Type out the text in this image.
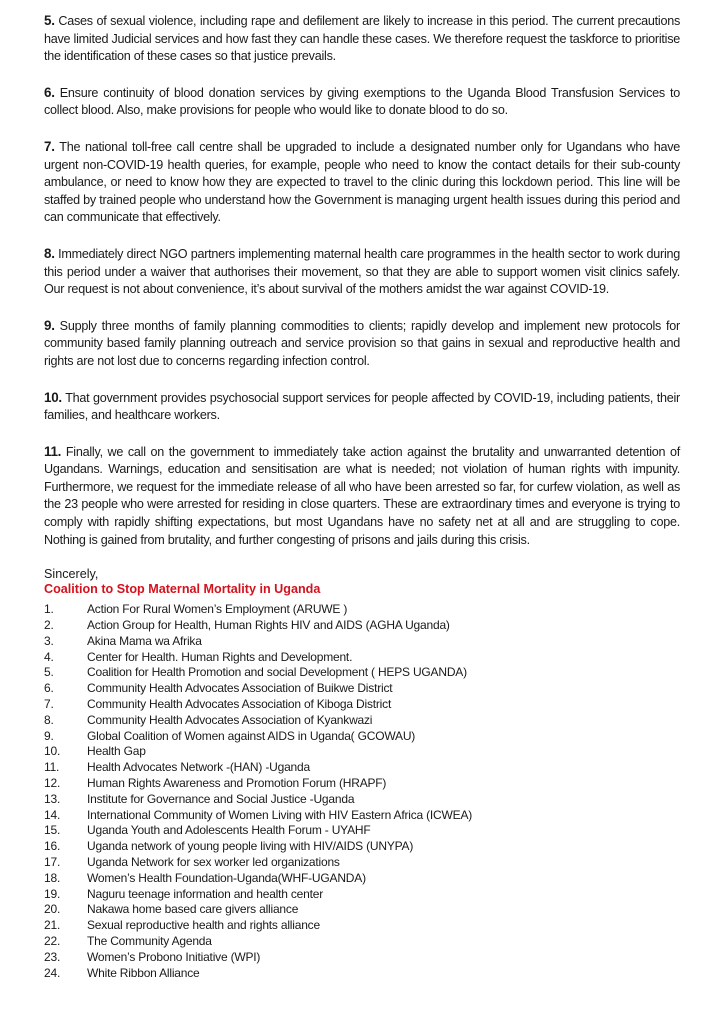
5. Cases of sexual violence, including rape and defilement are likely to increase in this period. The current precautions have limited Judicial services and how fast they can handle these cases. We therefore request the taskforce to prioritise the identification of these cases so that justice prevails.

6. Ensure continuity of blood donation services by giving exemptions to the Uganda Blood Transfusion Services to collect blood. Also, make provisions for people who would like to donate blood to do so.

7. The national toll-free call centre shall be upgraded to include a designated number only for Ugandans who have urgent non-COVID-19 health queries, for example, people who need to know the contact details for their sub-county ambulance, or need to know how they are expected to travel to the clinic during this lockdown period. This line will be staffed by trained people who understand how the Government is managing urgent health issues during this period and can communicate that effectively.

8. Immediately direct NGO partners implementing maternal health care programmes in the health sector to work during this period under a waiver that authorises their movement, so that they are able to support women visit clinics safely. Our request is not about convenience, it’s about survival of the mothers amidst the war against COVID-19.

9. Supply three months of family planning commodities to clients; rapidly develop and implement new protocols for community based family planning outreach and service provision so that gains in sexual and reproductive health and rights are not lost due to concerns regarding infection control.

10. That government provides psychosocial support services for people affected by COVID-19, including patients, their families, and healthcare workers.

11. Finally, we call on the government to immediately take action against the brutality and unwarranted detention of Ugandans. Warnings, education and sensitisation are what is needed; not violation of human rights with impunity. Furthermore, we request for the immediate release of all who have been arrested so far, for curfew violation, as well as the 23 people who were arrested for residing in close quarters. These are extraordinary times and everyone is trying to comply with rapidly shifting expectations, but most Ugandans have no safety net at all and are struggling to cope. Nothing is gained from brutality, and further congesting of prisons and jails during this crisis.

Sincerely,
Coalition to Stop Maternal Mortality in Uganda
1.	Action For Rural Women’s Employment (ARUWE )
2.	Action Group for Health, Human Rights HIV and AIDS (AGHA Uganda)
3.	Akina Mama wa Afrika
4.	Center for Health. Human Rights and Development.
5.	Coalition for Health Promotion and social Development ( HEPS UGANDA)
6.	Community Health Advocates Association of Buikwe District
7.	Community Health Advocates Association of Kiboga District
8.	Community Health Advocates Association of Kyankwazi
9.	Global Coalition of Women against AIDS in Uganda( GCOWAU)
10.	Health Gap
11.	Health Advocates Network -(HAN) -Uganda
12.	Human Rights Awareness and Promotion Forum (HRAPF)
13.	Institute for Governance and Social Justice -Uganda
14.	International Community of Women Living with HIV Eastern Africa (ICWEA)
15.	Uganda Youth and Adolescents Health Forum - UYAHF
16.	Uganda network of young people living with HIV/AIDS (UNYPA)
17.	Uganda Network for sex worker led organizations
18.	Women’s Health Foundation-Uganda(WHF-UGANDA)
19.	Naguru teenage information and health center
20.	Nakawa home based care givers alliance
21.	Sexual reproductive health and rights alliance
22.	The Community Agenda
23.	Women’s Probono Initiative (WPI)
24.	White Ribbon Alliance
